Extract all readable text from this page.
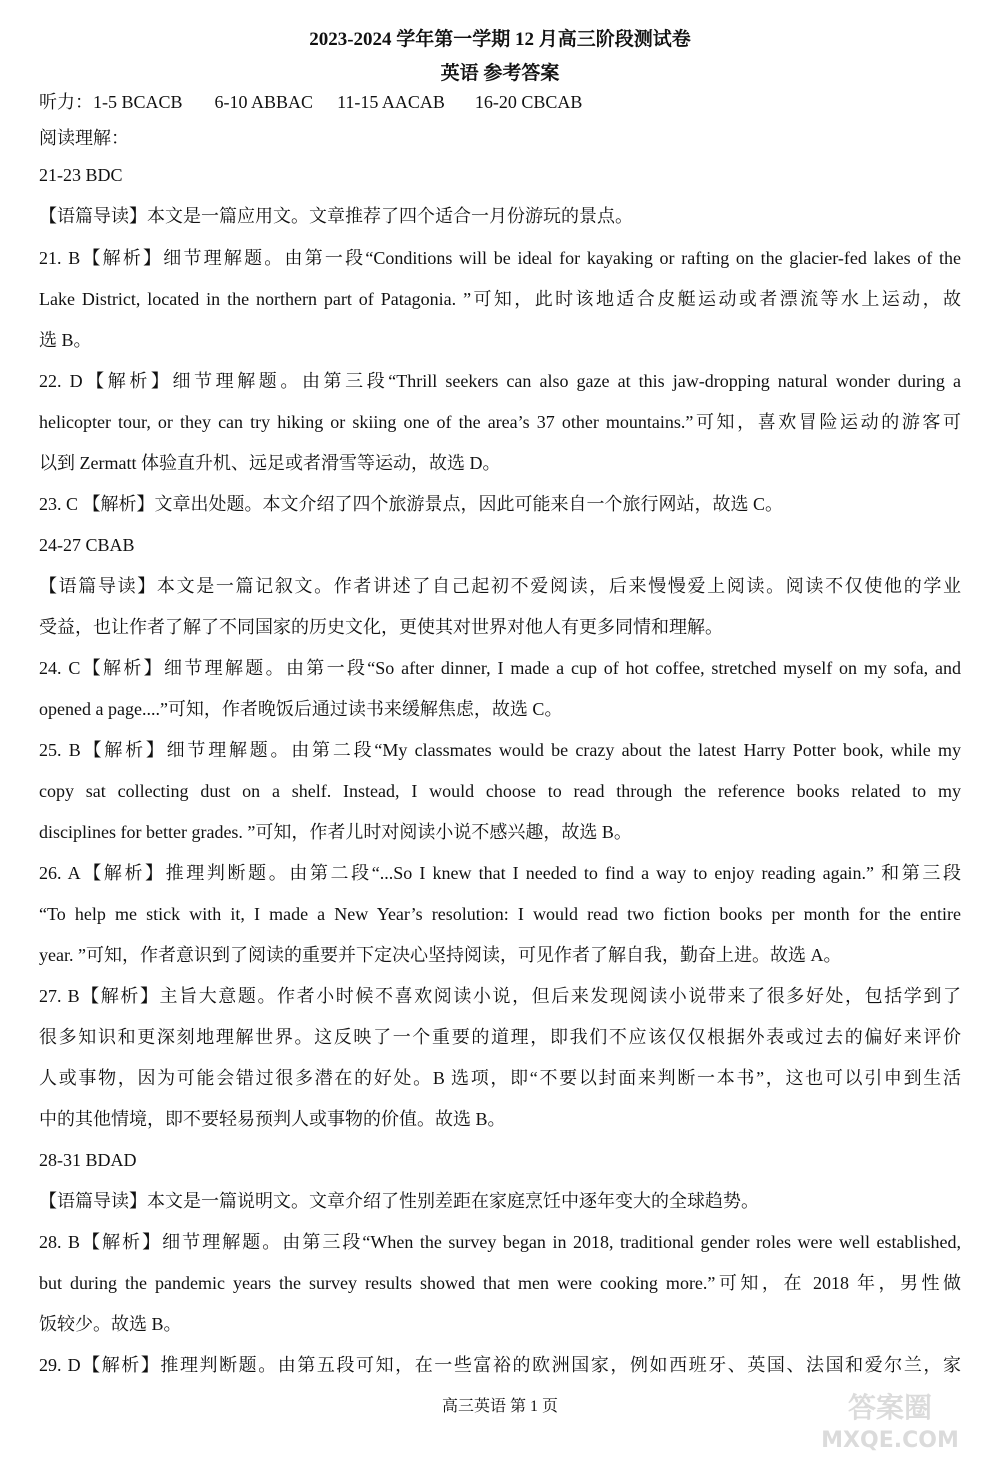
2023-2024 学年第一学期 12 月高三阶段测试卷
英语 参考答案
听力：1-5 BCACB 6-10 ABBAC 11-15 AACAB 16-20 CBCAB
阅读理解：
21-23 BDC
【语篇导读】本文是一篇应用文。文章推荐了四个适合一月份游玩的景点。
21. B【解析】细节理解题。由第一段“Conditions will be ideal for kayaking or rafting on the glacier-fed lakes of the
Lake District, located in the northern part of Patagonia. ”可知，此时该地适合皮艇运动或者漂流等水上运动，故
选 B。
22. D【解析】细节理解题。由第三段“Thrill seekers can also gaze at this jaw-dropping natural wonder during a
helicopter tour, or they can try hiking or skiing one of the area’s 37 other mountains.”可知，喜欢冒险运动的游客可
以到 Zermatt 体验直升机、远足或者滑雪等运动，故选 D。
23. C 【解析】文章出处题。本文介绍了四个旅游景点，因此可能来自一个旅行网站，故选 C。
24-27 CBAB
【语篇导读】本文是一篇记叙文。作者讲述了自己起初不爱阅读，后来慢慢爱上阅读。阅读不仅使他的学业
受益，也让作者了解了不同国家的历史文化，更使其对世界对他人有更多同情和理解。
24. C【解析】细节理解题。由第一段“So after dinner, I made a cup of hot coffee, stretched myself on my sofa, and
opened a page....”可知，作者晚饭后通过读书来缓解焦虑，故选 C。
25. B【解析】细节理解题。由第二段“My classmates would be crazy about the latest Harry Potter book, while my
copy sat collecting dust on a shelf. Instead, I would choose to read through the reference books related to my
disciplines for better grades. ”可知，作者儿时对阅读小说不感兴趣，故选 B。
26. A【解析】推理判断题。由第二段“...So I knew that I needed to find a way to enjoy reading again.” 和第三段
“To help me stick with it, I made a New Year’s resolution: I would read two fiction books per month for the entire
year. ”可知，作者意识到了阅读的重要并下定决心坚持阅读，可见作者了解自我，勤奋上进。故选 A。
27. B【解析】主旨大意题。作者小时候不喜欢阅读小说，但后来发现阅读小说带来了很多好处，包括学到了
很多知识和更深刻地理解世界。这反映了一个重要的道理，即我们不应该仅仅根据外表或过去的偏好来评价
人或事物，因为可能会错过很多潜在的好处。B 选项，即“不要以封面来判断一本书”，这也可以引申到生活
中的其他情境，即不要轻易预判人或事物的价值。故选 B。
28-31 BDAD
【语篇导读】本文是一篇说明文。文章介绍了性别差距在家庭烹饪中逐年变大的全球趋势。
28. B【解析】细节理解题。由第三段“When the survey began in 2018, traditional gender roles were well established,
but during the pandemic years the survey results showed that men were cooking more.”可知，在 2018 年，男性做
饭较少。故选 B。
29. D【解析】推理判断题。由第五段可知，在一些富裕的欧洲国家，例如西班牙、英国、法国和爱尔兰，家
高三英语 第 1 页	答案圈
MXQE.COM
